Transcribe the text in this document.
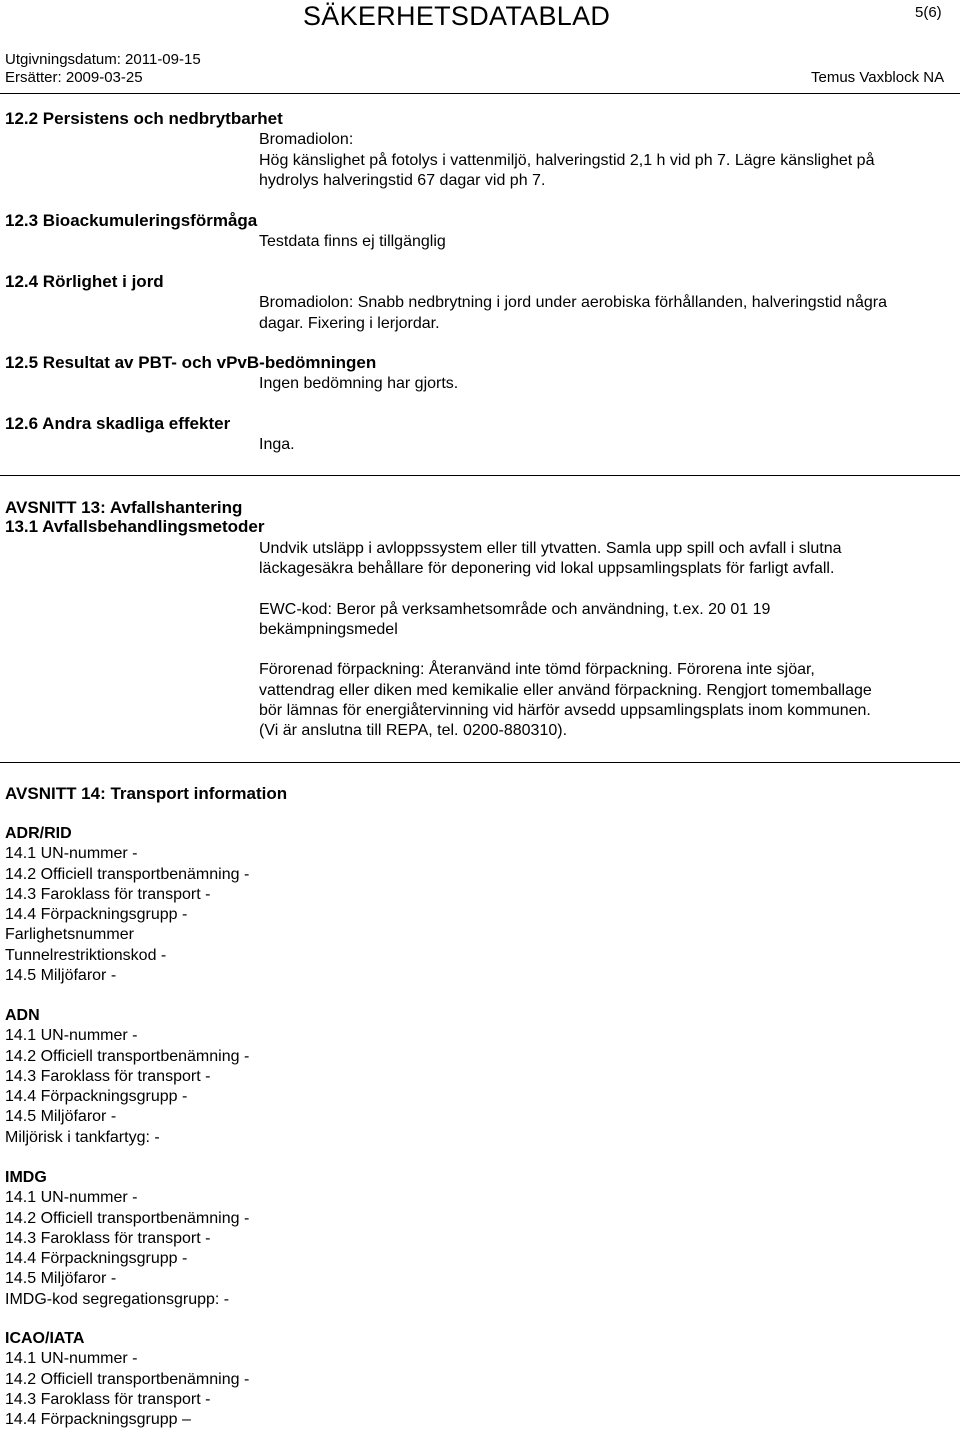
SÄKERHETSDATABLAD	5(6)
Utgivningsdatum: 2011-09-15
Ersätter: 2009-03-25	Temus Vaxblock NA
12.2 Persistens och nedbrytbarhet
Bromadiolon:
Hög känslighet på fotolys i vattenmiljö, halveringstid 2,1 h vid ph 7. Lägre känslighet på
hydrolys halveringstid 67 dagar vid ph 7.
12.3 Bioackumuleringsförmåga
Testdata finns ej tillgänglig
12.4 Rörlighet i jord
Bromadiolon: Snabb nedbrytning i jord under aerobiska förhållanden, halveringstid några
dagar. Fixering i lerjordar.
12.5 Resultat av PBT- och vPvB-bedömningen
Ingen bedömning har gjorts.
12.6 Andra skadliga effekter
Inga.
AVSNITT 13: Avfallshantering
13.1 Avfallsbehandlingsmetoder
Undvik utsläpp i avloppssystem eller till ytvatten. Samla upp spill och avfall i slutna
läckagesäkra behållare för deponering vid lokal uppsamlingsplats för farligt avfall.
EWC-kod: Beror på verksamhetsområde och användning, t.ex. 20 01 19
bekämpningsmedel
Förorenad förpackning: Återanvänd inte tömd förpackning. Förorena inte sjöar,
vattendrag eller diken med kemikalie eller använd förpackning. Rengjort tomemballage
bör lämnas för energiåtervinning vid härför avsedd uppsamlingsplats inom kommunen.
(Vi är anslutna till REPA, tel. 0200-880310).
AVSNITT 14: Transport information
ADR/RID
14.1 UN-nummer -
14.2 Officiell transportbenämning -
14.3 Faroklass för transport -
14.4 Förpackningsgrupp -
Farlighetsnummer
Tunnelrestriktionskod -
14.5 Miljöfaror -
ADN
14.1 UN-nummer -
14.2 Officiell transportbenämning -
14.3 Faroklass för transport -
14.4 Förpackningsgrupp -
14.5 Miljöfaror -
Miljörisk i tankfartyg: -
IMDG
14.1 UN-nummer -
14.2 Officiell transportbenämning -
14.3 Faroklass för transport -
14.4 Förpackningsgrupp -
14.5 Miljöfaror -
IMDG-kod segregationsgrupp: -
ICAO/IATA
14.1 UN-nummer -
14.2 Officiell transportbenämning -
14.3 Faroklass för transport -
14.4 Förpackningsgrupp –
